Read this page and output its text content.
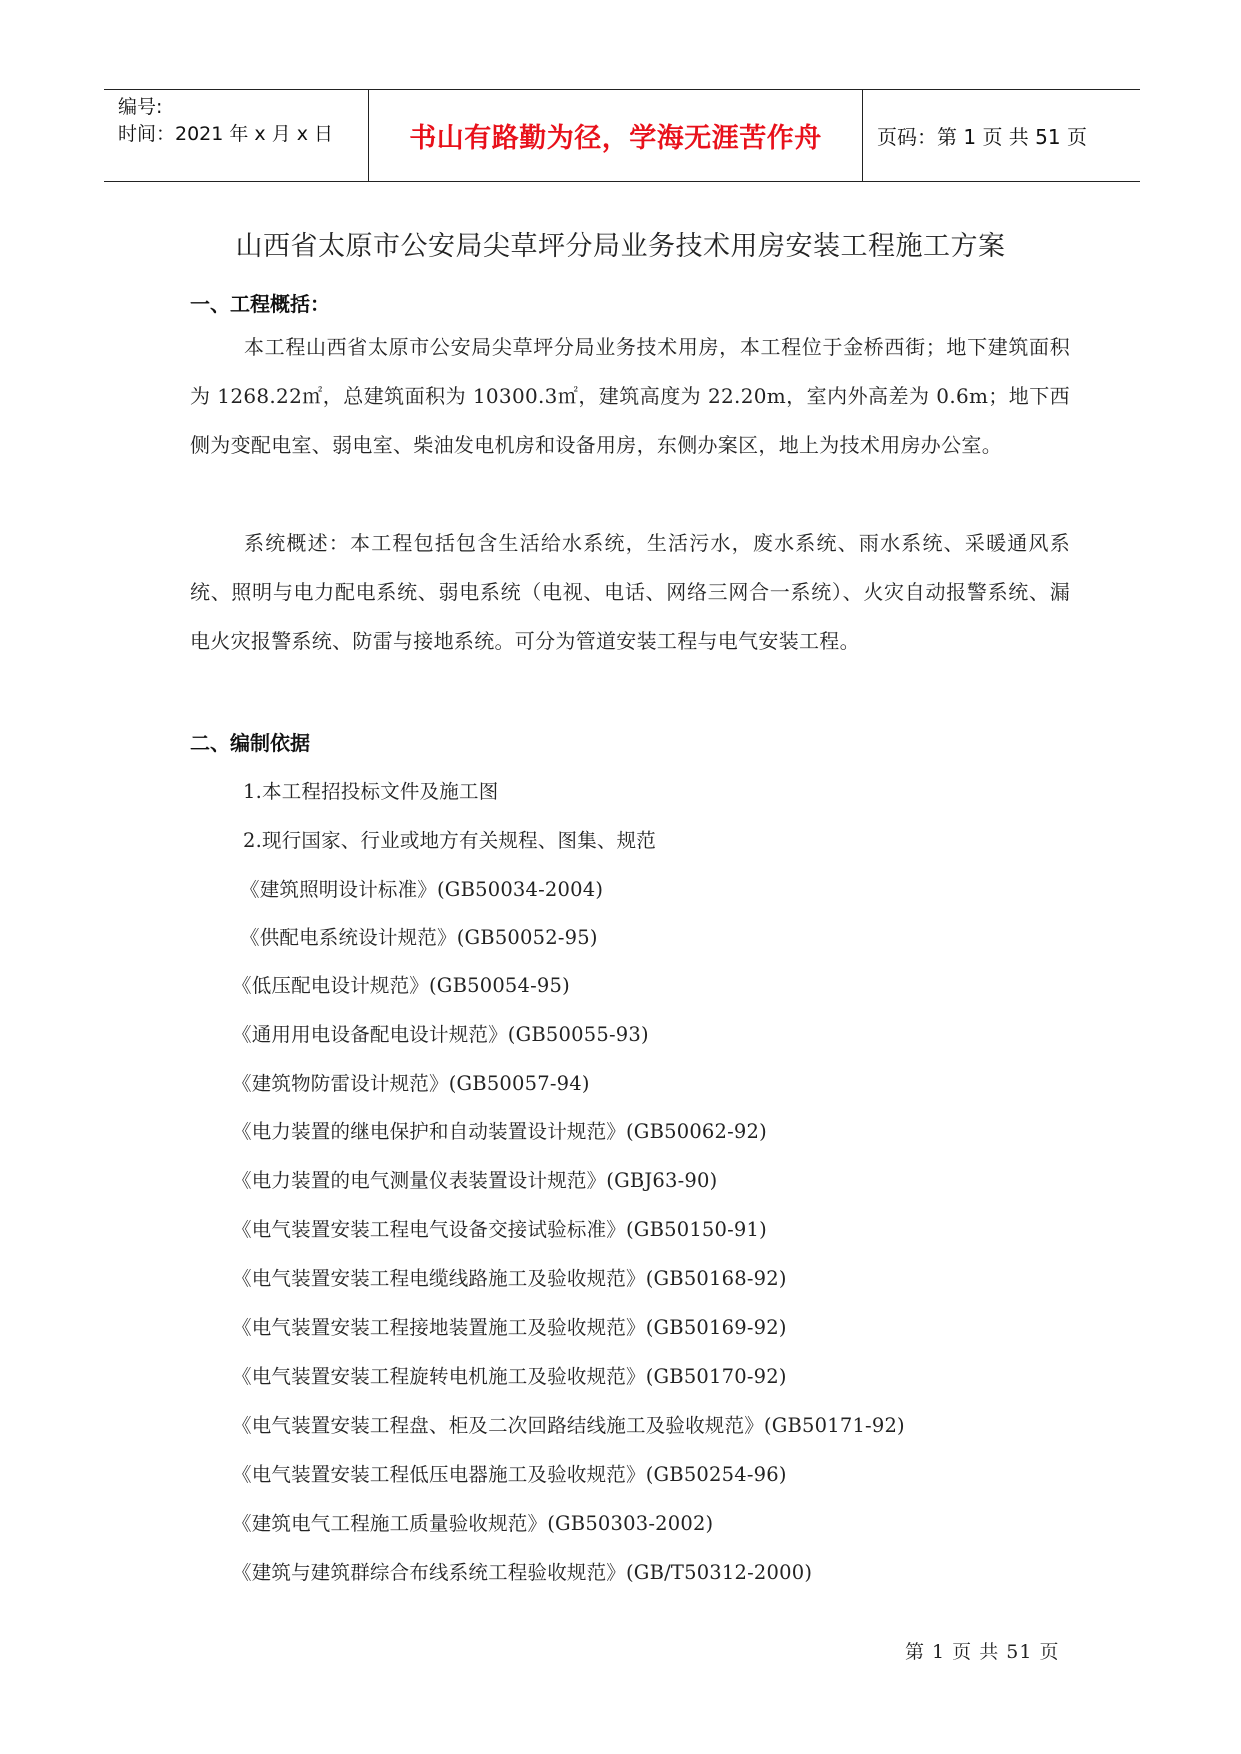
编号:
时间：2021 年 x 月 x 日	书山有路勤为径，学海无涯苦作舟	页码：第 1 页 共 51 页
山西省太原市公安局尖草坪分局业务技术用房安装工程施工方案
一、工程概括：
本工程山西省太原市公安局尖草坪分局业务技术用房，本工程位于金桥西街；地下建筑面积为 1268.22㎡，总建筑面积为 10300.3㎡，建筑高度为 22.20m，室内外高差为 0.6m；地下西侧为变配电室、弱电室、柴油发电机房和设备用房，东侧办案区，地上为技术用房办公室。
系统概述：本工程包括包含生活给水系统，生活污水，废水系统、雨水系统、采暖通风系统、照明与电力配电系统、弱电系统（电视、电话、网络三网合一系统）、火灾自动报警系统、漏电火灾报警系统、防雷与接地系统。可分为管道安装工程与电气安装工程。
二、编制依据
1.本工程招投标文件及施工图
2.现行国家、行业或地方有关规程、图集、规范
《建筑照明设计标准》(GB50034-2004)
《供配电系统设计规范》(GB50052-95)
《低压配电设计规范》(GB50054-95)
《通用用电设备配电设计规范》(GB50055-93)
《建筑物防雷设计规范》(GB50057-94)
《电力装置的继电保护和自动装置设计规范》(GB50062-92)
《电力装置的电气测量仪表装置设计规范》(GBJ63-90)
《电气装置安装工程电气设备交接试验标准》(GB50150-91)
《电气装置安装工程电缆线路施工及验收规范》(GB50168-92)
《电气装置安装工程接地装置施工及验收规范》(GB50169-92)
《电气装置安装工程旋转电机施工及验收规范》(GB50170-92)
《电气装置安装工程盘、柜及二次回路结线施工及验收规范》(GB50171-92)
《电气装置安装工程低压电器施工及验收规范》(GB50254-96)
《建筑电气工程施工质量验收规范》(GB50303-2002)
《建筑与建筑群综合布线系统工程验收规范》(GB/T50312-2000)
第 1 页 共 51 页
